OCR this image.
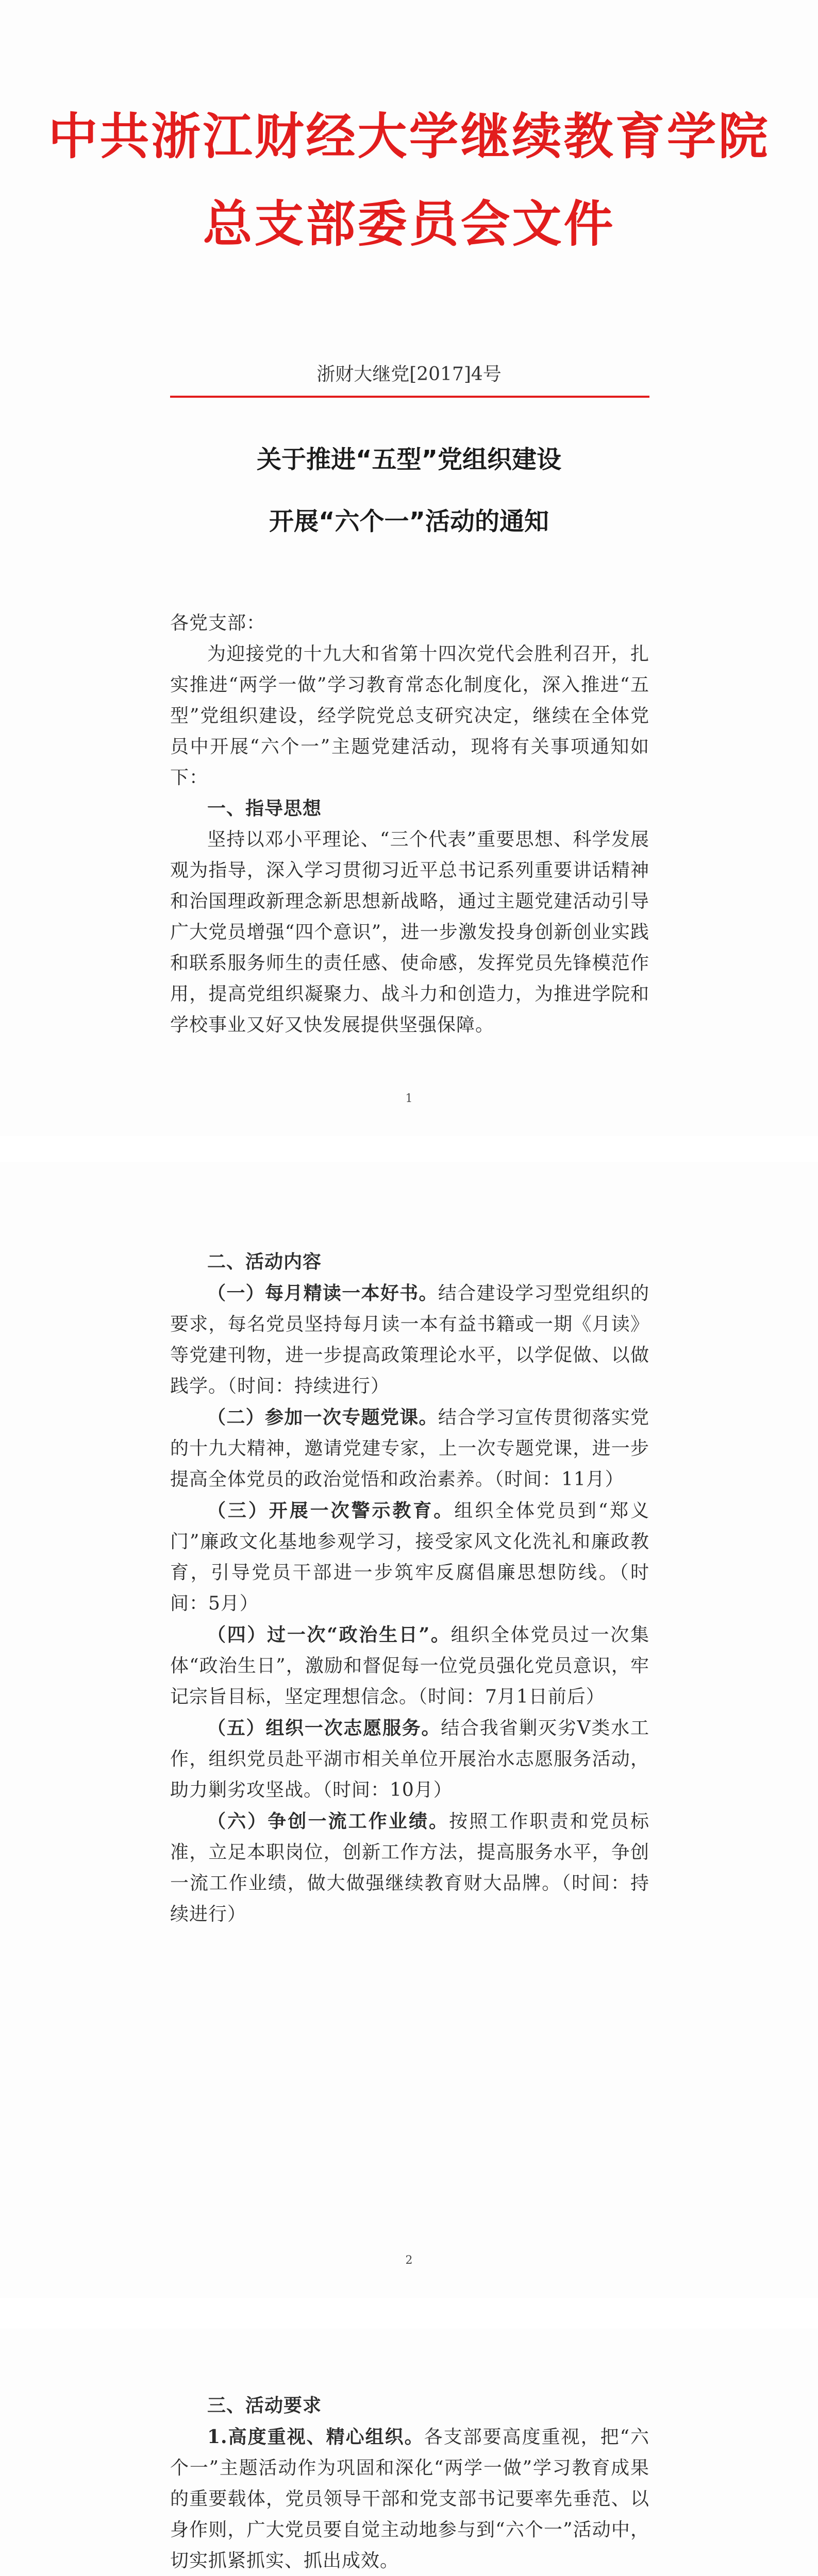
中共浙江财经大学继续教育学院
总支部委员会文件
浙财大继党[2017]4号
关于推进“五型”党组织建设
开展“六个一”活动的通知

各党支部：

为迎接党的十九大和省第十四次党代会胜利召开，扎实推进“两学一做”学习教育常态化制度化，深入推进“五型”党组织建设，经学院党总支研究决定，继续在全体党员中开展“六个一”主题党建活动，现将有关事项通知如下：

一、指导思想

坚持以邓小平理论、“三个代表”重要思想、科学发展观为指导，深入学习贯彻习近平总书记系列重要讲话精神和治国理政新理念新思想新战略，通过主题党建活动引导广大党员增强“四个意识”，进一步激发投身创新创业实践和联系服务师生的责任感、使命感，发挥党员先锋模范作用，提高党组织凝聚力、战斗力和创造力，为推进学院和学校事业又好又快发展提供坚强保障。

1

二、活动内容

（一）每月精读一本好书。结合建设学习型党组织的要求，每名党员坚持每月读一本有益书籍或一期《月读》等党建刊物，进一步提高政策理论水平，以学促做、以做践学。（时间：持续进行）

（二）参加一次专题党课。结合学习宣传贯彻落实党的十九大精神，邀请党建专家，上一次专题党课，进一步提高全体党员的政治觉悟和政治素养。（时间：11月）

（三）开展一次警示教育。组织全体党员到“郑义门”廉政文化基地参观学习，接受家风文化洗礼和廉政教育，引导党员干部进一步筑牢反腐倡廉思想防线。（时间：5月）

（四）过一次“政治生日”。组织全体党员过一次集体“政治生日”，激励和督促每一位党员强化党员意识，牢记宗旨目标，坚定理想信念。（时间：7月1日前后）

（五）组织一次志愿服务。结合我省剿灭劣Ⅴ类水工作，组织党员赴平湖市相关单位开展治水志愿服务活动，助力剿劣攻坚战。（时间：10月）

（六）争创一流工作业绩。按照工作职责和党员标准，立足本职岗位，创新工作方法，提高服务水平，争创一流工作业绩，做大做强继续教育财大品牌。（时间：持续进行）

2

三、活动要求

1.高度重视、精心组织。各支部要高度重视，把“六个一”主题活动作为巩固和深化“两学一做”学习教育成果的重要载体，党员领导干部和党支部书记要率先垂范、以身作则，广大党员要自觉主动地参与到“六个一”活动中，切实抓紧抓实、抓出成效。
